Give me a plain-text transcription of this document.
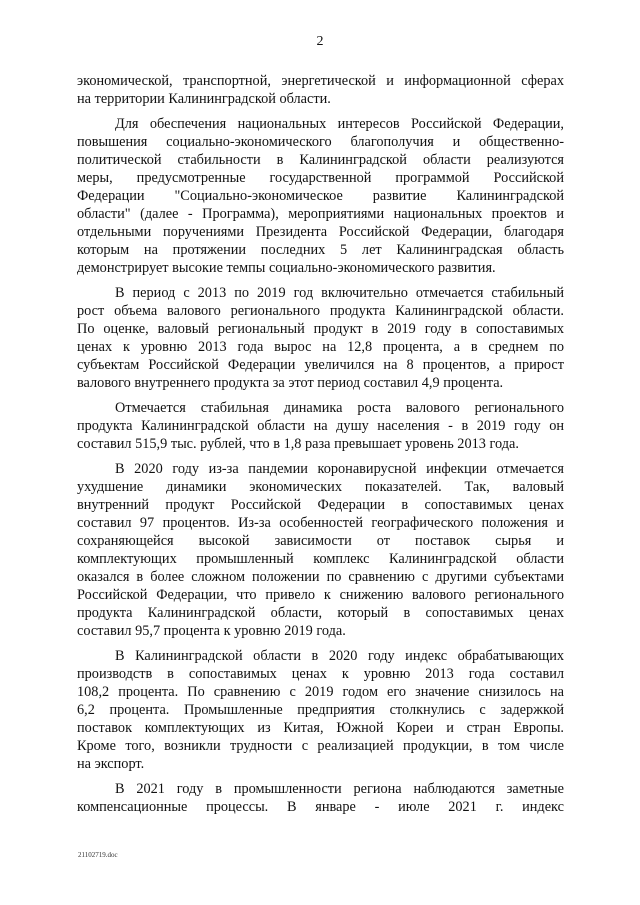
2
экономической, транспортной, энергетической и информационной сферах
на территории Калининградской области.
Для обеспечения национальных интересов Российской Федерации,
повышения социально-экономического благополучия и общественно-
политической стабильности в Калининградской области реализуются
меры, предусмотренные государственной программой Российской
Федерации "Социально-экономическое развитие Калининградской
области" (далее - Программа), мероприятиями национальных проектов и
отдельными поручениями Президента Российской Федерации, благодаря
которым на протяжении последних 5 лет Калининградская область
демонстрирует высокие темпы социально-экономического развития.
В период с 2013 по 2019 год включительно отмечается стабильный
рост объема валового регионального продукта Калининградской области.
По оценке, валовый региональный продукт в 2019 году в сопоставимых
ценах к уровню 2013 года вырос на 12,8 процента, а в среднем по
субъектам Российской Федерации увеличился на 8 процентов, а прирост
валового внутреннего продукта за этот период составил 4,9 процента.
Отмечается стабильная динамика роста валового регионального
продукта Калининградской области на душу населения - в 2019 году он
составил 515,9 тыс. рублей, что в 1,8 раза превышает уровень 2013 года.
В 2020 году из-за пандемии коронавирусной инфекции отмечается
ухудшение динамики экономических показателей. Так, валовый
внутренний продукт Российской Федерации в сопоставимых ценах
составил 97 процентов. Из-за особенностей географического положения и
сохраняющейся высокой зависимости от поставок сырья и
комплектующих промышленный комплекс Калининградской области
оказался в более сложном положении по сравнению с другими субъектами
Российской Федерации, что привело к снижению валового регионального
продукта Калининградской области, который в сопоставимых ценах
составил 95,7 процента к уровню 2019 года.
В Калининградской области в 2020 году индекс обрабатывающих
производств в сопоставимых ценах к уровню 2013 года составил
108,2 процента. По сравнению с 2019 годом его значение снизилось на
6,2 процента. Промышленные предприятия столкнулись с задержкой
поставок комплектующих из Китая, Южной Кореи и стран Европы.
Кроме того, возникли трудности с реализацией продукции, в том числе
на экспорт.
В 2021 году в промышленности региона наблюдаются заметные
компенсационные процессы. В январе - июле 2021 г. индекс
21102719.doc
